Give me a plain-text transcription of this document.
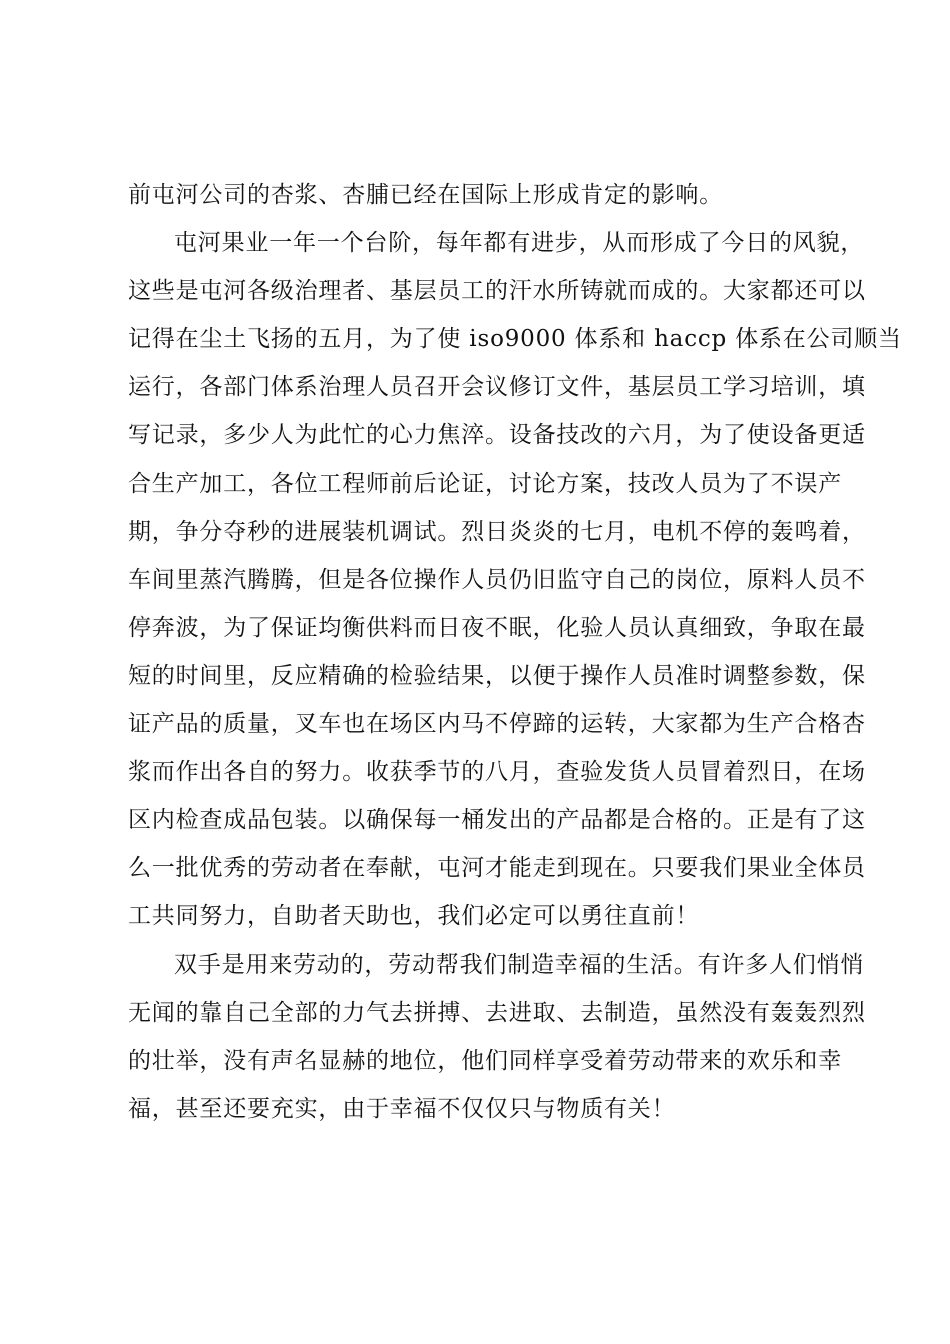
前屯河公司的杏浆、杏脯已经在国际上形成肯定的影响。
屯河果业一年一个台阶，每年都有进步，从而形成了今日的风貌，
这些是屯河各级治理者、基层员工的汗水所铸就而成的。大家都还可以
记得在尘土飞扬的五月，为了使 iso9000 体系和 haccp 体系在公司顺当
运行，各部门体系治理人员召开会议修订文件，基层员工学习培训，填
写记录，多少人为此忙的心力焦淬。设备技改的六月，为了使设备更适
合生产加工，各位工程师前后论证，讨论方案，技改人员为了不误产
期，争分夺秒的进展装机调试。烈日炎炎的七月，电机不停的轰鸣着，
车间里蒸汽腾腾，但是各位操作人员仍旧监守自己的岗位，原料人员不
停奔波，为了保证均衡供料而日夜不眠，化验人员认真细致，争取在最
短的时间里，反应精确的检验结果，以便于操作人员准时调整参数，保
证产品的质量，叉车也在场区内马不停蹄的运转，大家都为生产合格杏
浆而作出各自的努力。收获季节的八月，查验发货人员冒着烈日，在场
区内检查成品包装。以确保每一桶发出的产品都是合格的。正是有了这
么一批优秀的劳动者在奉献，屯河才能走到现在。只要我们果业全体员
工共同努力，自助者天助也，我们必定可以勇往直前！
双手是用来劳动的，劳动帮我们制造幸福的生活。有许多人们悄悄
无闻的靠自己全部的力气去拼搏、去进取、去制造，虽然没有轰轰烈烈
的壮举，没有声名显赫的地位，他们同样享受着劳动带来的欢乐和幸
福，甚至还要充实，由于幸福不仅仅只与物质有关！
